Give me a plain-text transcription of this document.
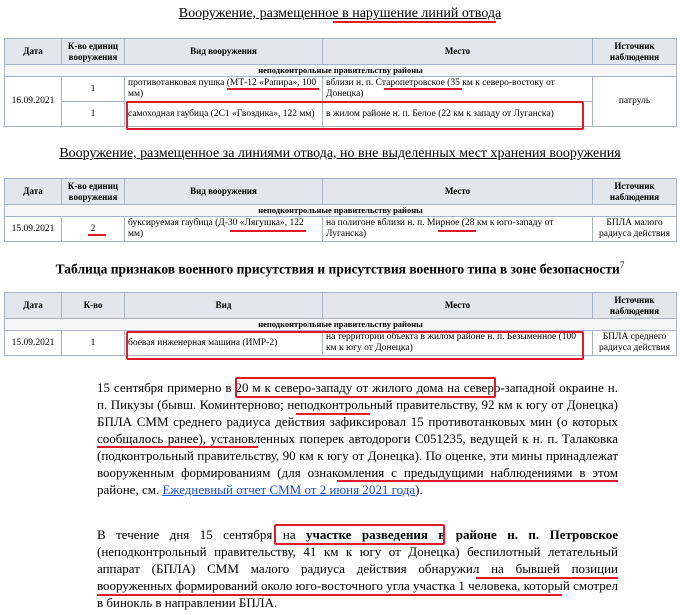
Вооружение, размещенное в нарушение линий отвода
Дата	К-во единиц вооружения	Вид вооружения	Место	Источник наблюдения
неподконтрольные правительству районы				
16.09.2021	1	противотанковая пушка (МТ-12 «Рапира», 100 мм)	вблизи н. п. Старопетровское (35 км к северо-востоку от Донецка)	патруль
	1	самоходная гаубица (2С1 «Гвоздика», 122 мм)	в жилом районе н. п. Белое (22 км к западу от Луганска)	
Вооружение, размещенное за линиями отвода, но вне выделенных мест хранения вооружения
Дата	К-во единиц вооружения	Вид вооружения	Место	Источник наблюдения
неподконтрольные правительству районы				
15.09.2021	2	буксируемая гаубица (Д-30 «Лягушка», 122 мм)	на полигоне вблизи н. п. Мирное (28 км к юго-западу от Луганска)	БПЛА малого радиуса действия
Таблица признаков военного присутствия и присутствия военного типа в зоне безопасности$^7$
Дата	К-во	Вид	Место	Источник наблюдения
неподконтрольные правительству районы				
15.09.2021	1	боевая инженерная машина (ИМР-2)	на территории объекта в жилом районе н. п. Безыменное (100 км к югу от Донецка)	БПЛА среднего радиуса действия
15 сентября примерно в 20 м к северо-западу от жилого дома на северо-западной окраине н. п. Пикузы (бывш. Коминтерново; неподконтрольный правительству, 92 км к югу от Донецка) БПЛА СММ среднего радиуса действия зафиксировал 15 противотанковых мин (о которых сообщалось ранее), установленных поперек автодороги С051235, ведущей к н. п. Талаковка (подконтрольный правительству, 90 км к югу от Донецка). По оценке, эти мины принадлежат вооруженным формированиям (для ознакомления с предыдущими наблюдениями в этом районе, см. Ежедневный отчет СММ от 2 июня 2021 года).
В течение дня 15 сентября на участке разведения в районе н. п. Петровское (неподконтрольный правительству, 41 км к югу от Донецка) беспилотный летательный аппарат (БПЛА) СММ малого радиуса действия обнаружил на бывшей позиции вооруженных формирований около юго-восточного угла участка 1 человека, который смотрел в бинокль в направлении БПЛА.
